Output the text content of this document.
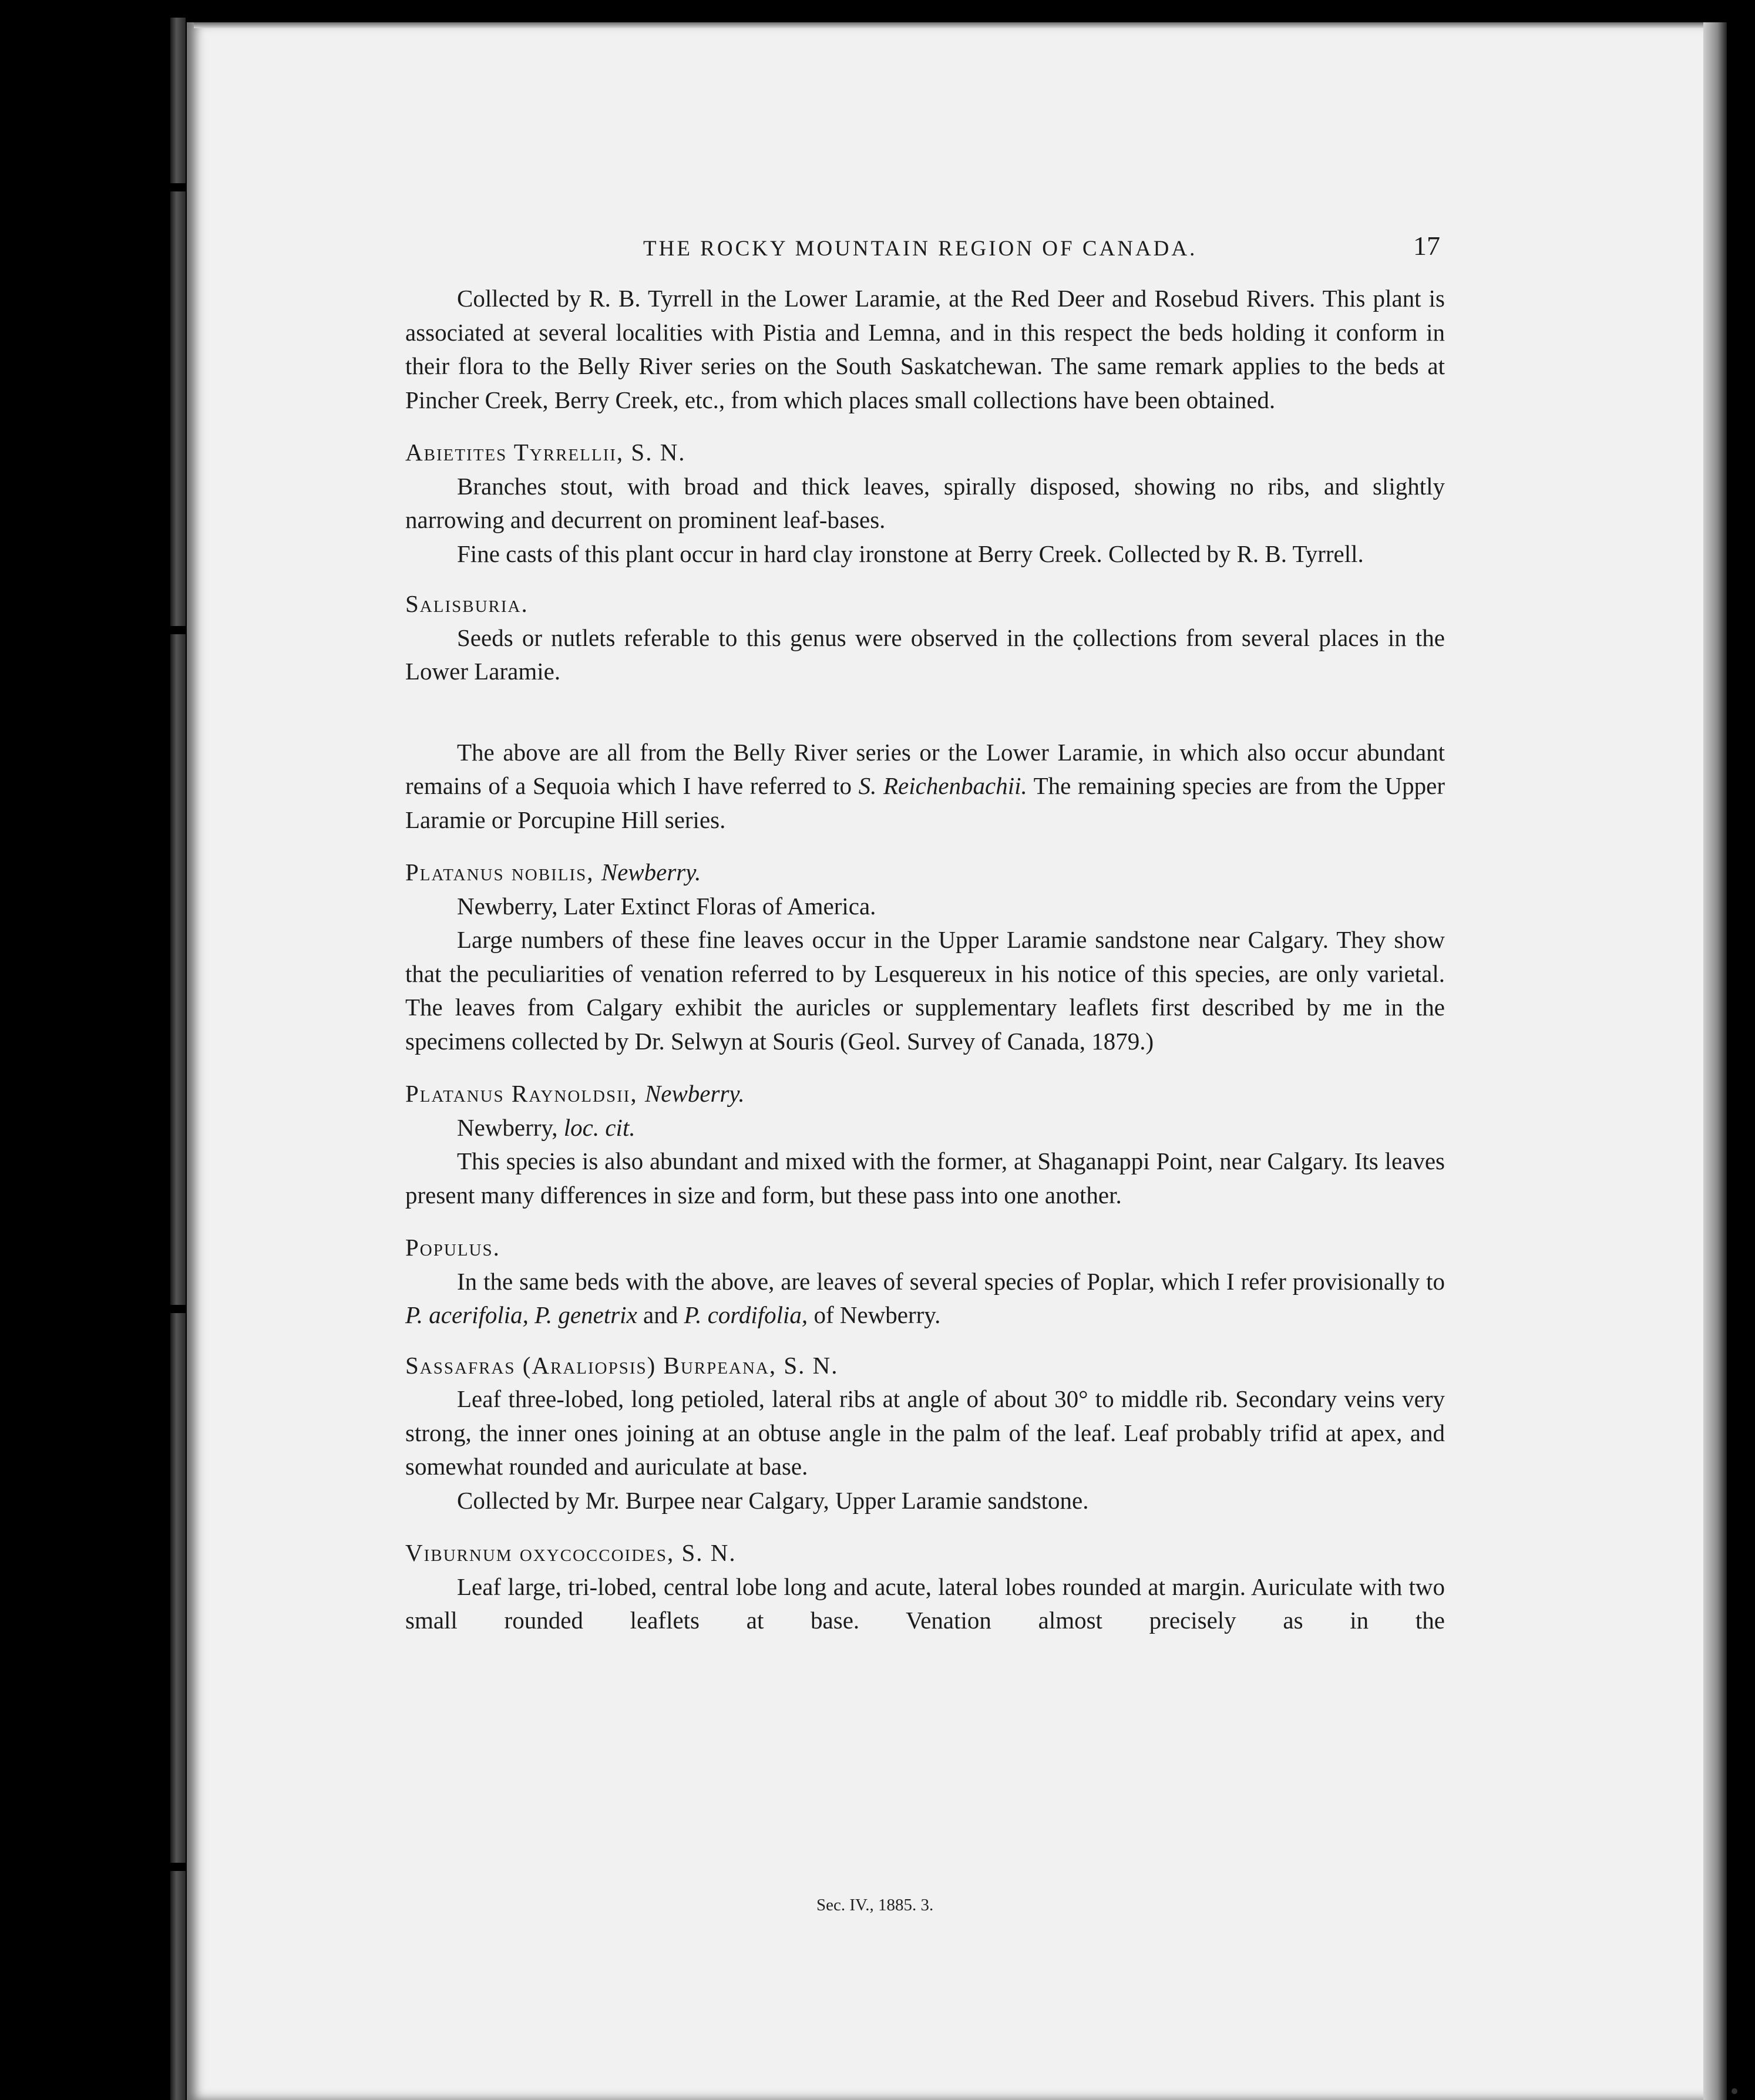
THE ROCKY MOUNTAIN REGION OF CANADA.	17

Collected by R. B. Tyrrell in the Lower Laramie, at the Red Deer and Rosebud Rivers. This plant is associated at several localities with Pistia and Lemna, and in this respect the beds holding it conform in their flora to the Belly River series on the South Saskatchewan. The same remark applies to the beds at Pincher Creek, Berry Creek, etc., from which places small collections have been obtained.

Abietites Tyrrellii, S. N.

Branches stout, with broad and thick leaves, spirally disposed, showing no ribs, and slightly narrowing and decurrent on prominent leaf-bases.

Fine casts of this plant occur in hard clay ironstone at Berry Creek. Collected by R. B. Tyrrell.

Salisburia.

Seeds or nutlets referable to this genus were observed in the collections from several places in the Lower Laramie.

The above are all from the Belly River series or the Lower Laramie, in which also occur abundant remains of a Sequoia which I have referred to S. Reichenbachii. The remaining species are from the Upper Laramie or Porcupine Hill series.

Platanus nobilis, Newberry.

Newberry, Later Extinct Floras of America.

Large numbers of these fine leaves occur in the Upper Laramie sandstone near Calgary. They show that the peculiarities of venation referred to by Lesquereux in his notice of this species, are only varietal. The leaves from Calgary exhibit the auricles or supplementary leaflets first described by me in the specimens collected by Dr. Selwyn at Souris (Geol. Survey of Canada, 1879.)

Platanus Raynoldsii, Newberry.

Newberry, loc. cit.

This species is also abundant and mixed with the former, at Shaganappi Point, near Calgary. Its leaves present many differences in size and form, but these pass into one another.

Populus.

In the same beds with the above, are leaves of several species of Poplar, which I refer provisionally to P. acerifolia, P. genetrix and P. cordifolia, of Newberry.

Sassafras (Araliopsis) Burpeana, S. N.

Leaf three-lobed, long petioled, lateral ribs at angle of about 30° to middle rib. Secondary veins very strong, the inner ones joining at an obtuse angle in the palm of the leaf. Leaf probably trifid at apex, and somewhat rounded and auriculate at base.

Collected by Mr. Burpee near Calgary, Upper Laramie sandstone.

Viburnum oxycoccoides, S. N.

Leaf large, tri-lobed, central lobe long and acute, lateral lobes rounded at margin. Auriculate with two small rounded leaflets at base. Venation almost precisely as in the

Sec. IV., 1885. 3.
